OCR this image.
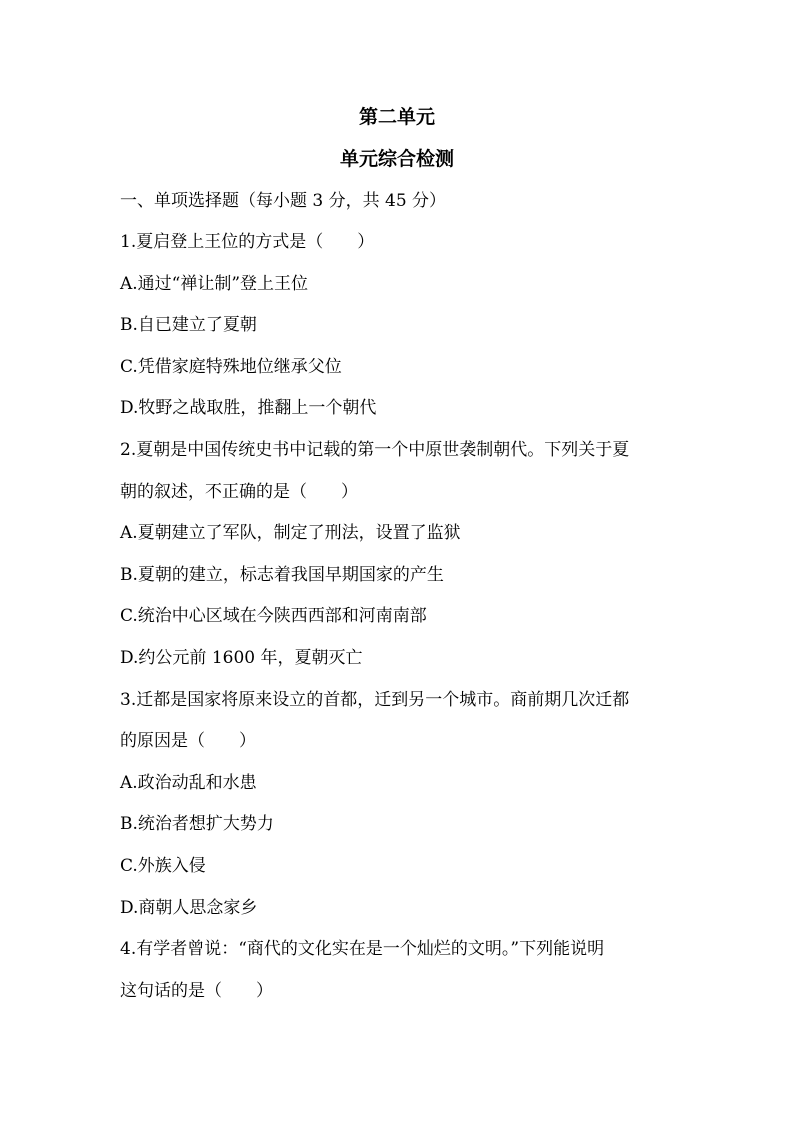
第二单元
单元综合检测
一、单项选择题（每小题 3 分，共 45 分）
1.夏启登上王位的方式是（　　）
A.通过“禅让制”登上王位
B.自已建立了夏朝
C.凭借家庭特殊地位继承父位
D.牧野之战取胜，推翻上一个朝代
2.夏朝是中国传统史书中记载的第一个中原世袭制朝代。下列关于夏
朝的叙述，不正确的是（　　）
A.夏朝建立了军队，制定了刑法，设置了监狱
B.夏朝的建立，标志着我国早期国家的产生
C.统治中心区域在今陕西西部和河南南部
D.约公元前 1600 年，夏朝灭亡
3.迁都是国家将原来设立的首都，迁到另一个城市。商前期几次迁都
的原因是（　　）
A.政治动乱和水患
B.统治者想扩大势力
C.外族入侵
D.商朝人思念家乡
4.有学者曾说：“商代的文化实在是一个灿烂的文明。”下列能说明
这句话的是（　　）
